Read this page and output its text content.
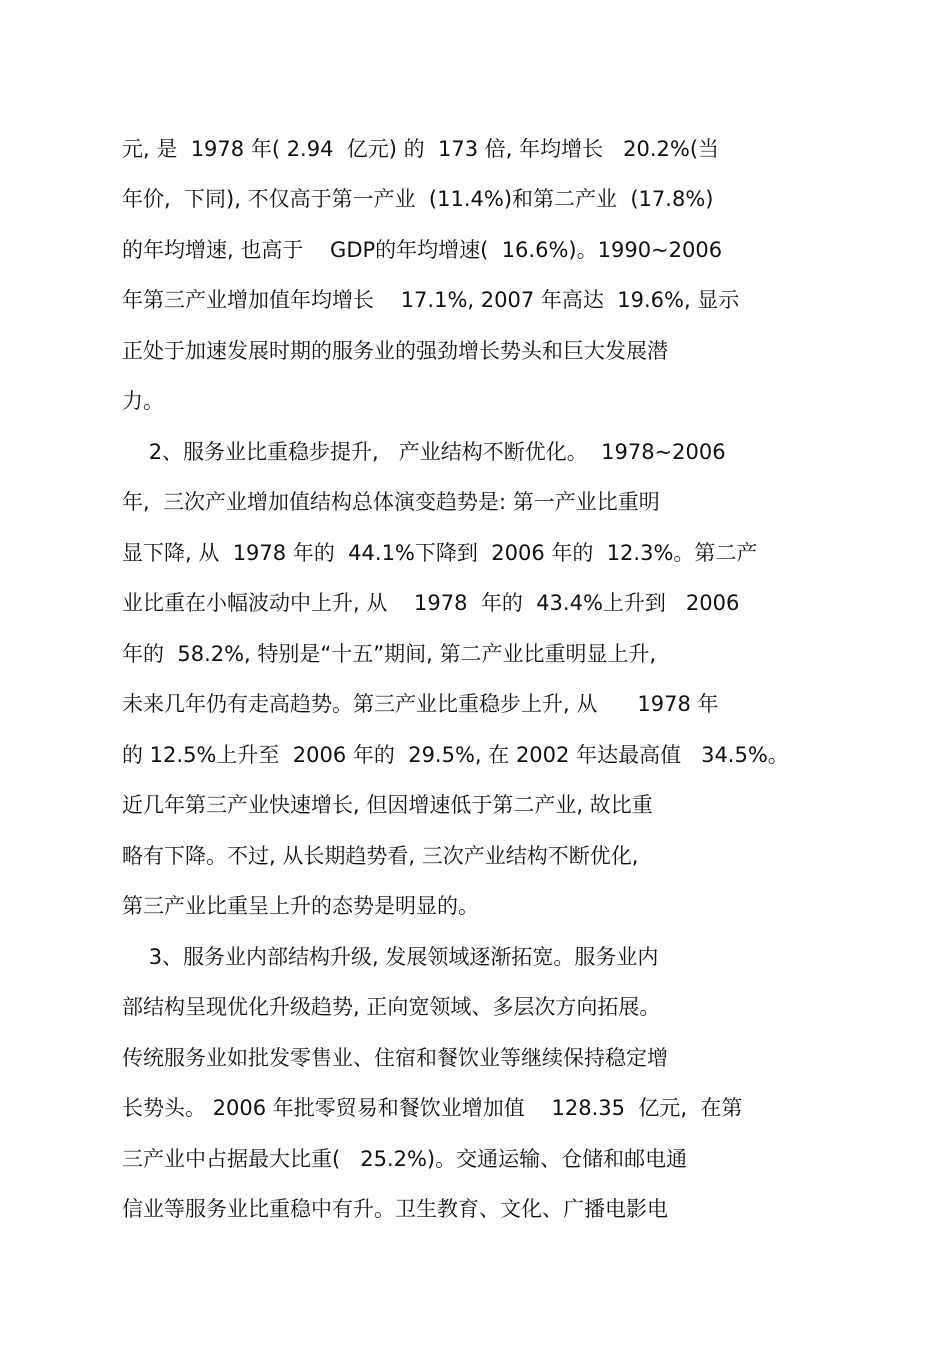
元, 是  1978 年( 2.94  亿元) 的  173 倍, 年均增长   20.2%(当
年价,  下同), 不仅高于第一产业  (11.4%)和第二产业  (17.8%)
的年均增速, 也高于    GDP的年均增速(  16.6%)。1990~2006
年第三产业增加值年均增长    17.1%, 2007 年高达  19.6%, 显示
正处于加速发展时期的服务业的强劲增长势头和巨大发展潜
力。
2、服务业比重稳步提升,   产业结构不断优化。  1978~2006
年,  三次产业增加值结构总体演变趋势是: 第一产业比重明
显下降, 从  1978 年的  44.1%下降到  2006 年的  12.3%。第二产
业比重在小幅波动中上升, 从    1978  年的  43.4%上升到   2006
年的  58.2%, 特别是“十五”期间, 第二产业比重明显上升,
未来几年仍有走高趋势。第三产业比重稳步上升, 从      1978 年
的 12.5%上升至  2006 年的  29.5%, 在 2002 年达最高值   34.5%。
近几年第三产业快速增长, 但因增速低于第二产业, 故比重
略有下降。不过, 从长期趋势看, 三次产业结构不断优化,
第三产业比重呈上升的态势是明显的。
3、服务业内部结构升级, 发展领域逐渐拓宽。服务业内
部结构呈现优化升级趋势, 正向宽领域、多层次方向拓展。
传统服务业如批发零售业、住宿和餐饮业等继续保持稳定增
长势头。 2006 年批零贸易和餐饮业增加值    128.35  亿元,  在第
三产业中占据最大比重(   25.2%)。交通运输、仓储和邮电通
信业等服务业比重稳中有升。卫生教育、文化、广播电影电
